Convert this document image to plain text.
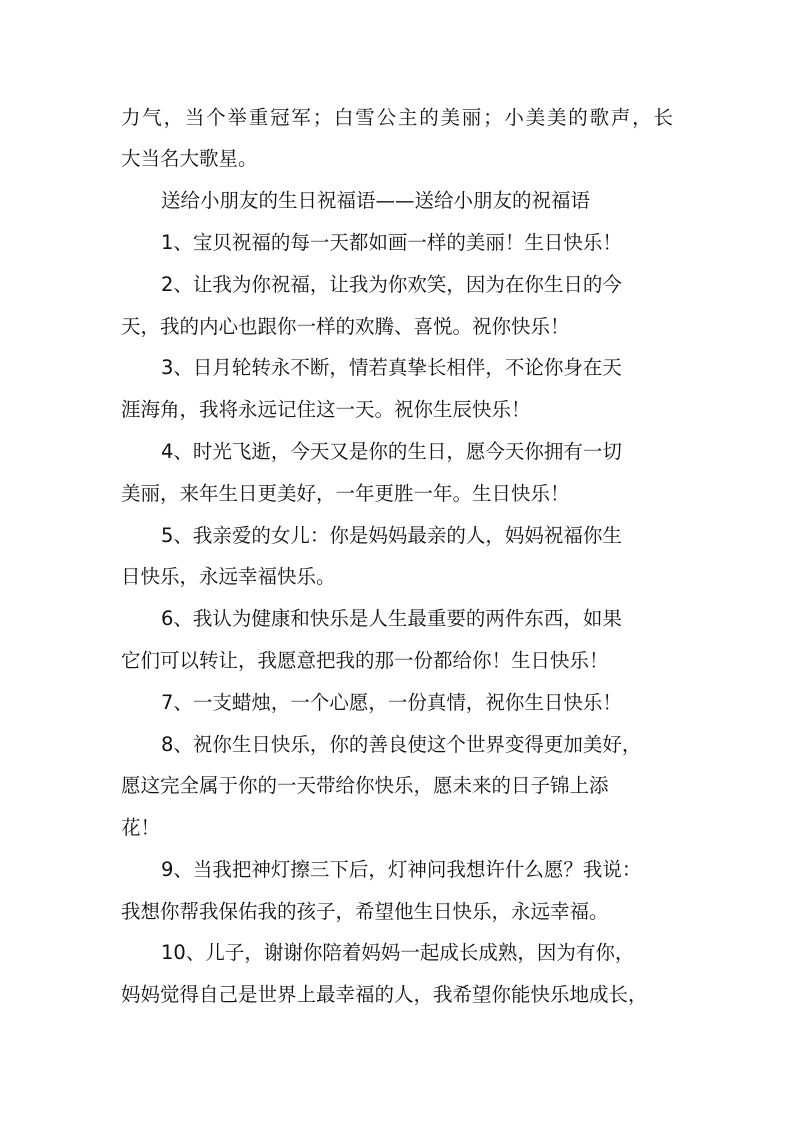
力气，当个举重冠军；白雪公主的美丽；小美美的歌声，长
大当名大歌星。
送给小朋友的生日祝福语——送给小朋友的祝福语
1、宝贝祝福的每一天都如画一样的美丽！生日快乐！
2、让我为你祝福，让我为你欢笑，因为在你生日的今
天，我的内心也跟你一样的欢腾、喜悦。祝你快乐！
3、日月轮转永不断，情若真挚长相伴，不论你身在天
涯海角，我将永远记住这一天。祝你生辰快乐！
4、时光飞逝，今天又是你的生日，愿今天你拥有一切
美丽，来年生日更美好，一年更胜一年。生日快乐！
5、我亲爱的女儿：你是妈妈最亲的人，妈妈祝福你生
日快乐，永远幸福快乐。
6、我认为健康和快乐是人生最重要的两件东西，如果
它们可以转让，我愿意把我的那一份都给你！生日快乐！
7、一支蜡烛，一个心愿，一份真情，祝你生日快乐！
8、祝你生日快乐，你的善良使这个世界变得更加美好，
愿这完全属于你的一天带给你快乐，愿未来的日子锦上添
花！
9、当我把神灯擦三下后，灯神问我想许什么愿？我说：
我想你帮我保佑我的孩子，希望他生日快乐，永远幸福。
10、儿子，谢谢你陪着妈妈一起成长成熟，因为有你，
妈妈觉得自己是世界上最幸福的人，我希望你能快乐地成长，
